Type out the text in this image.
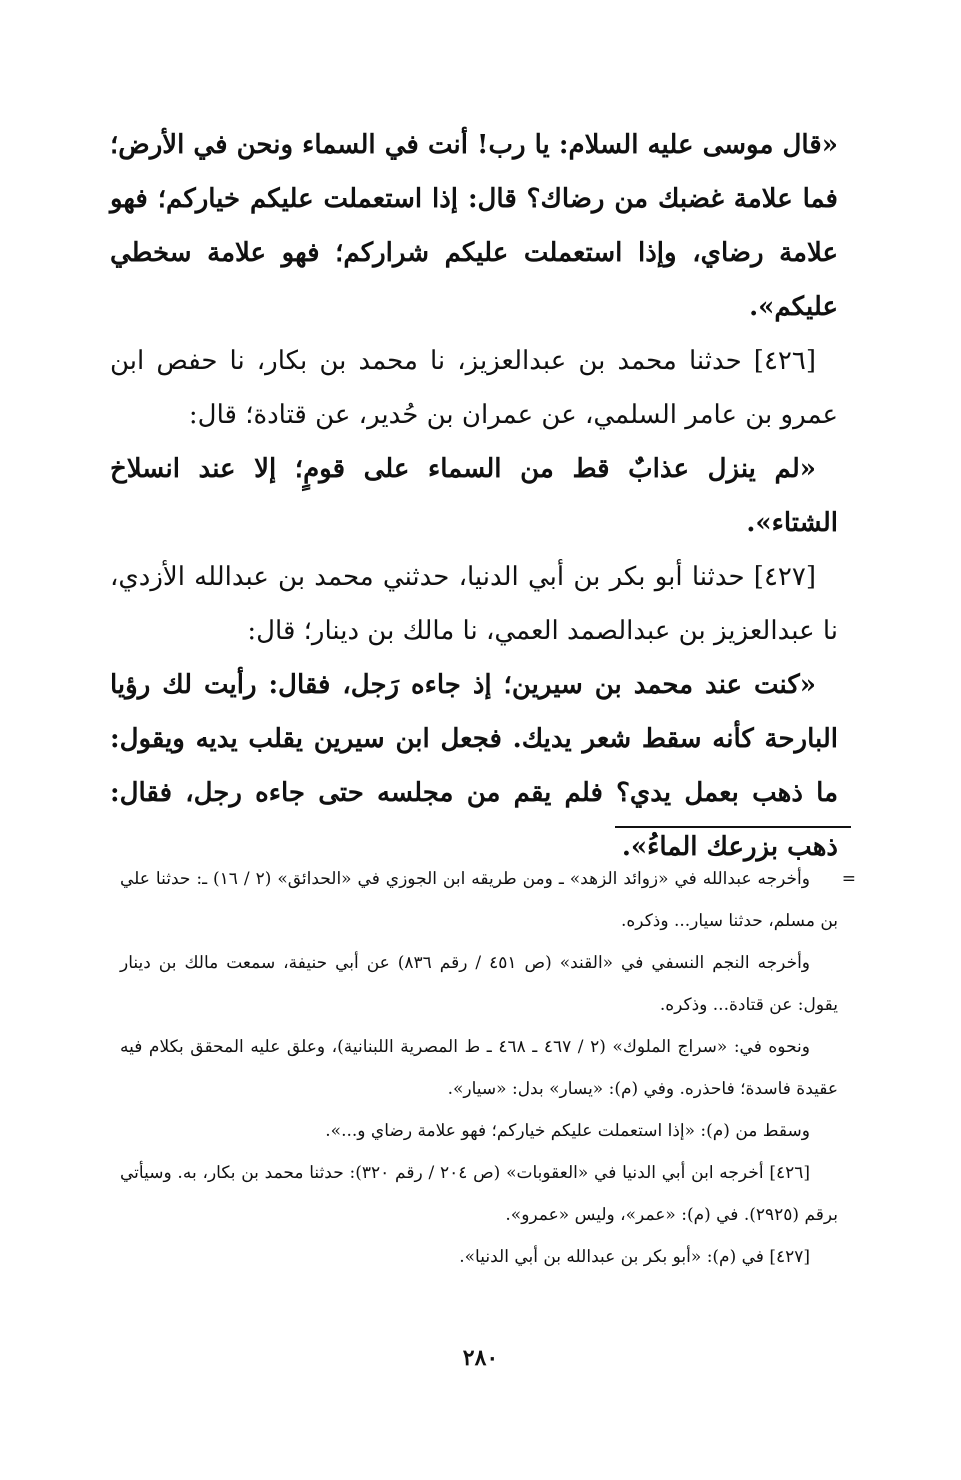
«قال موسى عليه السلام: يا رب! أنت في السماء ونحن في الأرض؛ فما علامة غضبك من رضاك؟ قال: إذا استعملت عليكم خياركم؛ فهو علامة رضاي، وإذا استعملت عليكم شراركم؛ فهو علامة سخطي عليكم».

[٤٢٦] حدثنا محمد بن عبدالعزيز، نا محمد بن بكار، نا حفص ابن عمرو بن عامر السلمي، عن عمران بن حُدير، عن قتادة؛ قال:

«لم ينزل عذابٌ قط من السماء على قومٍ؛ إلا عند انسلاخ الشتاء».

[٤٢٧] حدثنا أبو بكر بن أبي الدنيا، حدثني محمد بن عبدالله الأزدي، نا عبدالعزيز بن عبدالصمد العمي، نا مالك بن دينار؛ قال:

«كنت عند محمد بن سيرين؛ إذ جاءه رَجل، فقال: رأيت لك رؤيا البارحة كأنه سقط شعر يديك. فجعل ابن سيرين يقلب يديه ويقول: ما ذهب بعمل يدي؟ فلم يقم من مجلسه حتى جاءه رجل، فقال: ذهب بزرعك الماءُ».

=

وأخرجه عبدالله في «زوائد الزهد» ـ ومن طريقه ابن الجوزي في «الحدائق» (٢ / ١٦) ـ: حدثنا علي بن مسلم، حدثنا سيار... وذكره.

وأخرجه النجم النسفي في «القند» (ص ٤٥١ / رقم ٨٣٦) عن أبي حنيفة، سمعت مالك بن دينار يقول: عن قتادة... وذكره.

ونحوه في: «سراج الملوك» (٢ / ٤٦٧ ـ ٤٦٨ ـ ط المصرية اللبنانية)، وعلق عليه المحقق بكلام فيه عقيدة فاسدة؛ فاحذره. وفي (م): «يسار» بدل: «سيار».

وسقط من (م): «إذا استعملت عليكم خياركم؛ فهو علامة رضاي و...».

[٤٢٦] أخرجه ابن أبي الدنيا في «العقوبات» (ص ٢٠٤ / رقم ٣٢٠): حدثنا محمد بن بكار، به. وسيأتي برقم (٢٩٢٥). في (م): «عمر»، وليس «عمرو».

[٤٢٧] في (م): «أبو بكر بن عبدالله بن أبي الدنيا».

٢٨٠
